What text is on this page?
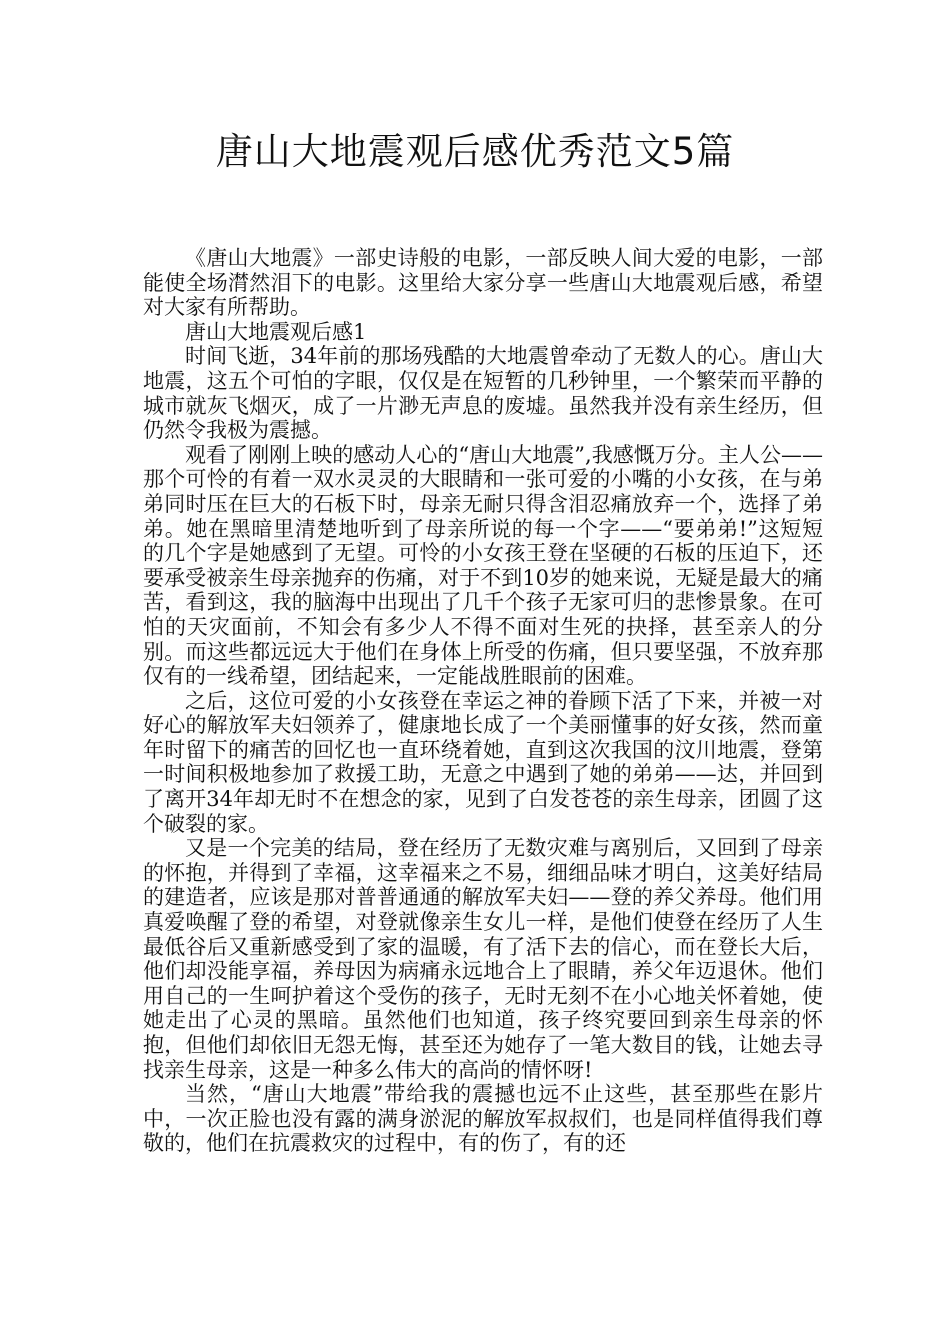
唐山大地震观后感优秀范文5篇

《唐山大地震》一部史诗般的电影，一部反映人间大爱的电影，一部能使全场潸然泪下的电影。这里给大家分享一些唐山大地震观后感，希望对大家有所帮助。

唐山大地震观后感1

时间飞逝，34年前的那场残酷的大地震曾牵动了无数人的心。唐山大地震，这五个可怕的字眼，仅仅是在短暂的几秒钟里，一个繁荣而平静的城市就灰飞烟灭，成了一片渺无声息的废墟。虽然我并没有亲生经历，但仍然令我极为震撼。

观看了刚刚上映的感动人心的“唐山大地震”,我感慨万分。主人公——那个可怜的有着一双水灵灵的大眼睛和一张可爱的小嘴的小女孩，在与弟弟同时压在巨大的石板下时，母亲无耐只得含泪忍痛放弃一个，选择了弟弟。她在黑暗里清楚地听到了母亲所说的每一个字——“要弟弟!”这短短的几个字是她感到了无望。可怜的小女孩王登在坚硬的石板的压迫下，还要承受被亲生母亲抛弃的伤痛，对于不到10岁的她来说，无疑是最大的痛苦，看到这，我的脑海中出现出了几千个孩子无家可归的悲惨景象。在可怕的天灾面前，不知会有多少人不得不面对生死的抉择，甚至亲人的分别。而这些都远远大于他们在身体上所受的伤痛，但只要坚强，不放弃那仅有的一线希望，团结起来，一定能战胜眼前的困难。

之后，这位可爱的小女孩登在幸运之神的眷顾下活了下来，并被一对好心的解放军夫妇领养了，健康地长成了一个美丽懂事的好女孩，然而童年时留下的痛苦的回忆也一直环绕着她，直到这次我国的汶川地震，登第一时间积极地参加了救援工助，无意之中遇到了她的弟弟——达，并回到了离开34年却无时不在想念的家，见到了白发苍苍的亲生母亲，团圆了这个破裂的家。

又是一个完美的结局，登在经历了无数灾难与离别后，又回到了母亲的怀抱，并得到了幸福，这幸福来之不易，细细品味才明白，这美好结局的建造者，应该是那对普普通通的解放军夫妇——登的养父养母。他们用真爱唤醒了登的希望，对登就像亲生女儿一样，是他们使登在经历了人生最低谷后又重新感受到了家的温暖，有了活下去的信心，而在登长大后，他们却没能享福，养母因为病痛永远地合上了眼睛，养父年迈退休。他们用自己的一生呵护着这个受伤的孩子，无时无刻不在小心地关怀着她，使她走出了心灵的黑暗。虽然他们也知道，孩子终究要回到亲生母亲的怀抱，但他们却依旧无怨无悔，甚至还为她存了一笔大数目的钱，让她去寻找亲生母亲，这是一种多么伟大的高尚的情怀呀!

当然，“唐山大地震”带给我的震撼也远不止这些，甚至那些在影片中，一次正脸也没有露的满身淤泥的解放军叔叔们，也是同样值得我们尊敬的，他们在抗震救灾的过程中，有的伤了，有的还
